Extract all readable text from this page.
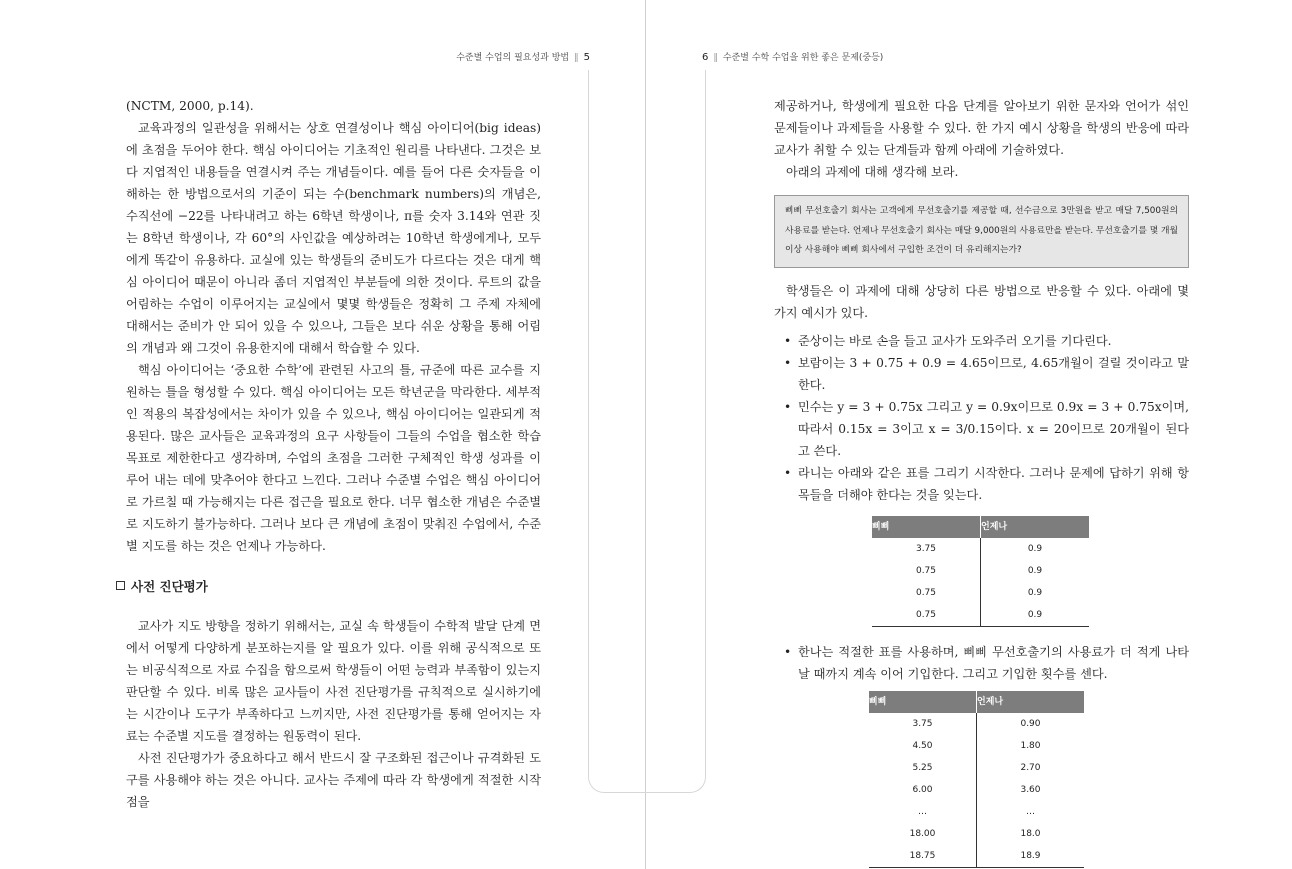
수준별 수업의 필요성과 방법 ‖ 5

(NCTM, 2000, p.14).

교육과정의 일관성을 위해서는 상호 연결성이나 핵심 아이디어(big ideas)에 초점을 두어야 한다. 핵심 아이디어는 기초적인 원리를 나타낸다. 그것은 보다 지엽적인 내용들을 연결시켜 주는 개념들이다. 예를 들어 다른 숫자들을 이해하는 한 방법으로서의 기준이 되는 수(benchmark numbers)의 개념은, 수직선에 −22를 나타내려고 하는 6학년 학생이나, π를 숫자 3.14와 연관 짓는 8학년 학생이나, 각 60°의 사인값을 예상하려는 10학년 학생에게나, 모두에게 똑같이 유용하다. 교실에 있는 학생들의 준비도가 다르다는 것은 대게 핵심 아이디어 때문이 아니라 좀더 지엽적인 부분들에 의한 것이다. 루트의 값을 어림하는 수업이 이루어지는 교실에서 몇몇 학생들은 정확히 그 주제 자체에 대해서는 준비가 안 되어 있을 수 있으나, 그들은 보다 쉬운 상황을 통해 어림의 개념과 왜 그것이 유용한지에 대해서 학습할 수 있다.

핵심 아이디어는 ‘중요한 수학’에 관련된 사고의 틀, 규준에 따른 교수를 지원하는 틀을 형성할 수 있다. 핵심 아이디어는 모든 학년군을 막라한다. 세부적인 적용의 복잡성에서는 차이가 있을 수 있으나, 핵심 아이디어는 일관되게 적용된다. 많은 교사들은 교육과정의 요구 사항들이 그들의 수업을 협소한 학습 목표로 제한한다고 생각하며, 수업의 초점을 그러한 구체적인 학생 성과를 이루어 내는 데에 맞추어야 한다고 느낀다. 그러나 수준별 수업은 핵심 아이디어로 가르칠 때 가능해지는 다른 접근을 필요로 한다. 너무 협소한 개념은 수준별로 지도하기 불가능하다. 그러나 보다 큰 개념에 초점이 맞춰진 수업에서, 수준별 지도를 하는 것은 언제나 가능하다.

사전 진단평가

교사가 지도 방향을 정하기 위해서는, 교실 속 학생들이 수학적 발달 단계 면에서 어떻게 다양하게 분포하는지를 알 필요가 있다. 이를 위해 공식적으로 또는 비공식적으로 자료 수집을 함으로써 학생들이 어떤 능력과 부족함이 있는지 판단할 수 있다. 비록 많은 교사들이 사전 진단평가를 규칙적으로 실시하기에는 시간이나 도구가 부족하다고 느끼지만, 사전 진단평가를 통해 얻어지는 자료는 수준별 지도를 결정하는 원동력이 된다.

사전 진단평가가 중요하다고 해서 반드시 잘 구조화된 접근이나 규격화된 도구를 사용해야 하는 것은 아니다. 교사는 주제에 따라 각 학생에게 적절한 시작점을

6 ‖ 수준별 수학 수업을 위한 좋은 문제(중등)

제공하거나, 학생에게 필요한 다음 단계를 알아보기 위한 문자와 언어가 섞인 문제들이나 과제들을 사용할 수 있다. 한 가지 예시 상황을 학생의 반응에 따라 교사가 취할 수 있는 단계들과 함께 아래에 기술하였다.

아래의 과제에 대해 생각해 보라.

삐삐 무선호출기 회사는 고객에게 무선호출기를 제공할 때, 선수금으로 3만원을 받고 매달 7,500원의 사용료를 받는다. 언제나 무선호출기 회사는 매달 9,000원의 사용료만을 받는다. 무선호출기를 몇 개월 이상 사용해야 삐삐 회사에서 구입한 조건이 더 유리해지는가?

학생들은 이 과제에 대해 상당히 다른 방법으로 반응할 수 있다. 아래에 몇 가지 예시가 있다.

• 준상이는 바로 손을 들고 교사가 도와주러 오기를 기다린다.
• 보람이는 3 + 0.75 + 0.9 = 4.65이므로, 4.65개월이 걸릴 것이라고 말한다.
• 민수는 y = 3 + 0.75x 그리고 y = 0.9x이므로 0.9x = 3 + 0.75x이며, 따라서 0.15x = 3이고 x = 3/0.15이다. x = 20이므로 20개월이 된다고 쓴다.
• 라니는 아래와 같은 표를 그리기 시작한다. 그러나 문제에 답하기 위해 항목들을 더해야 한다는 것을 잊는다.
삐삐	언제나
3.75	0.9
0.75	0.9
0.75	0.9
0.75	0.9
• 한나는 적절한 표를 사용하며, 삐삐 무선호출기의 사용료가 더 적게 나타날 때까지 계속 이어 기입한다. 그리고 기입한 횟수를 센다.
삐삐	언제나
3.75	0.90
4.50	1.80
5.25	2.70
6.00	3.60
…	…
18.00	18.0
18.75	18.9
